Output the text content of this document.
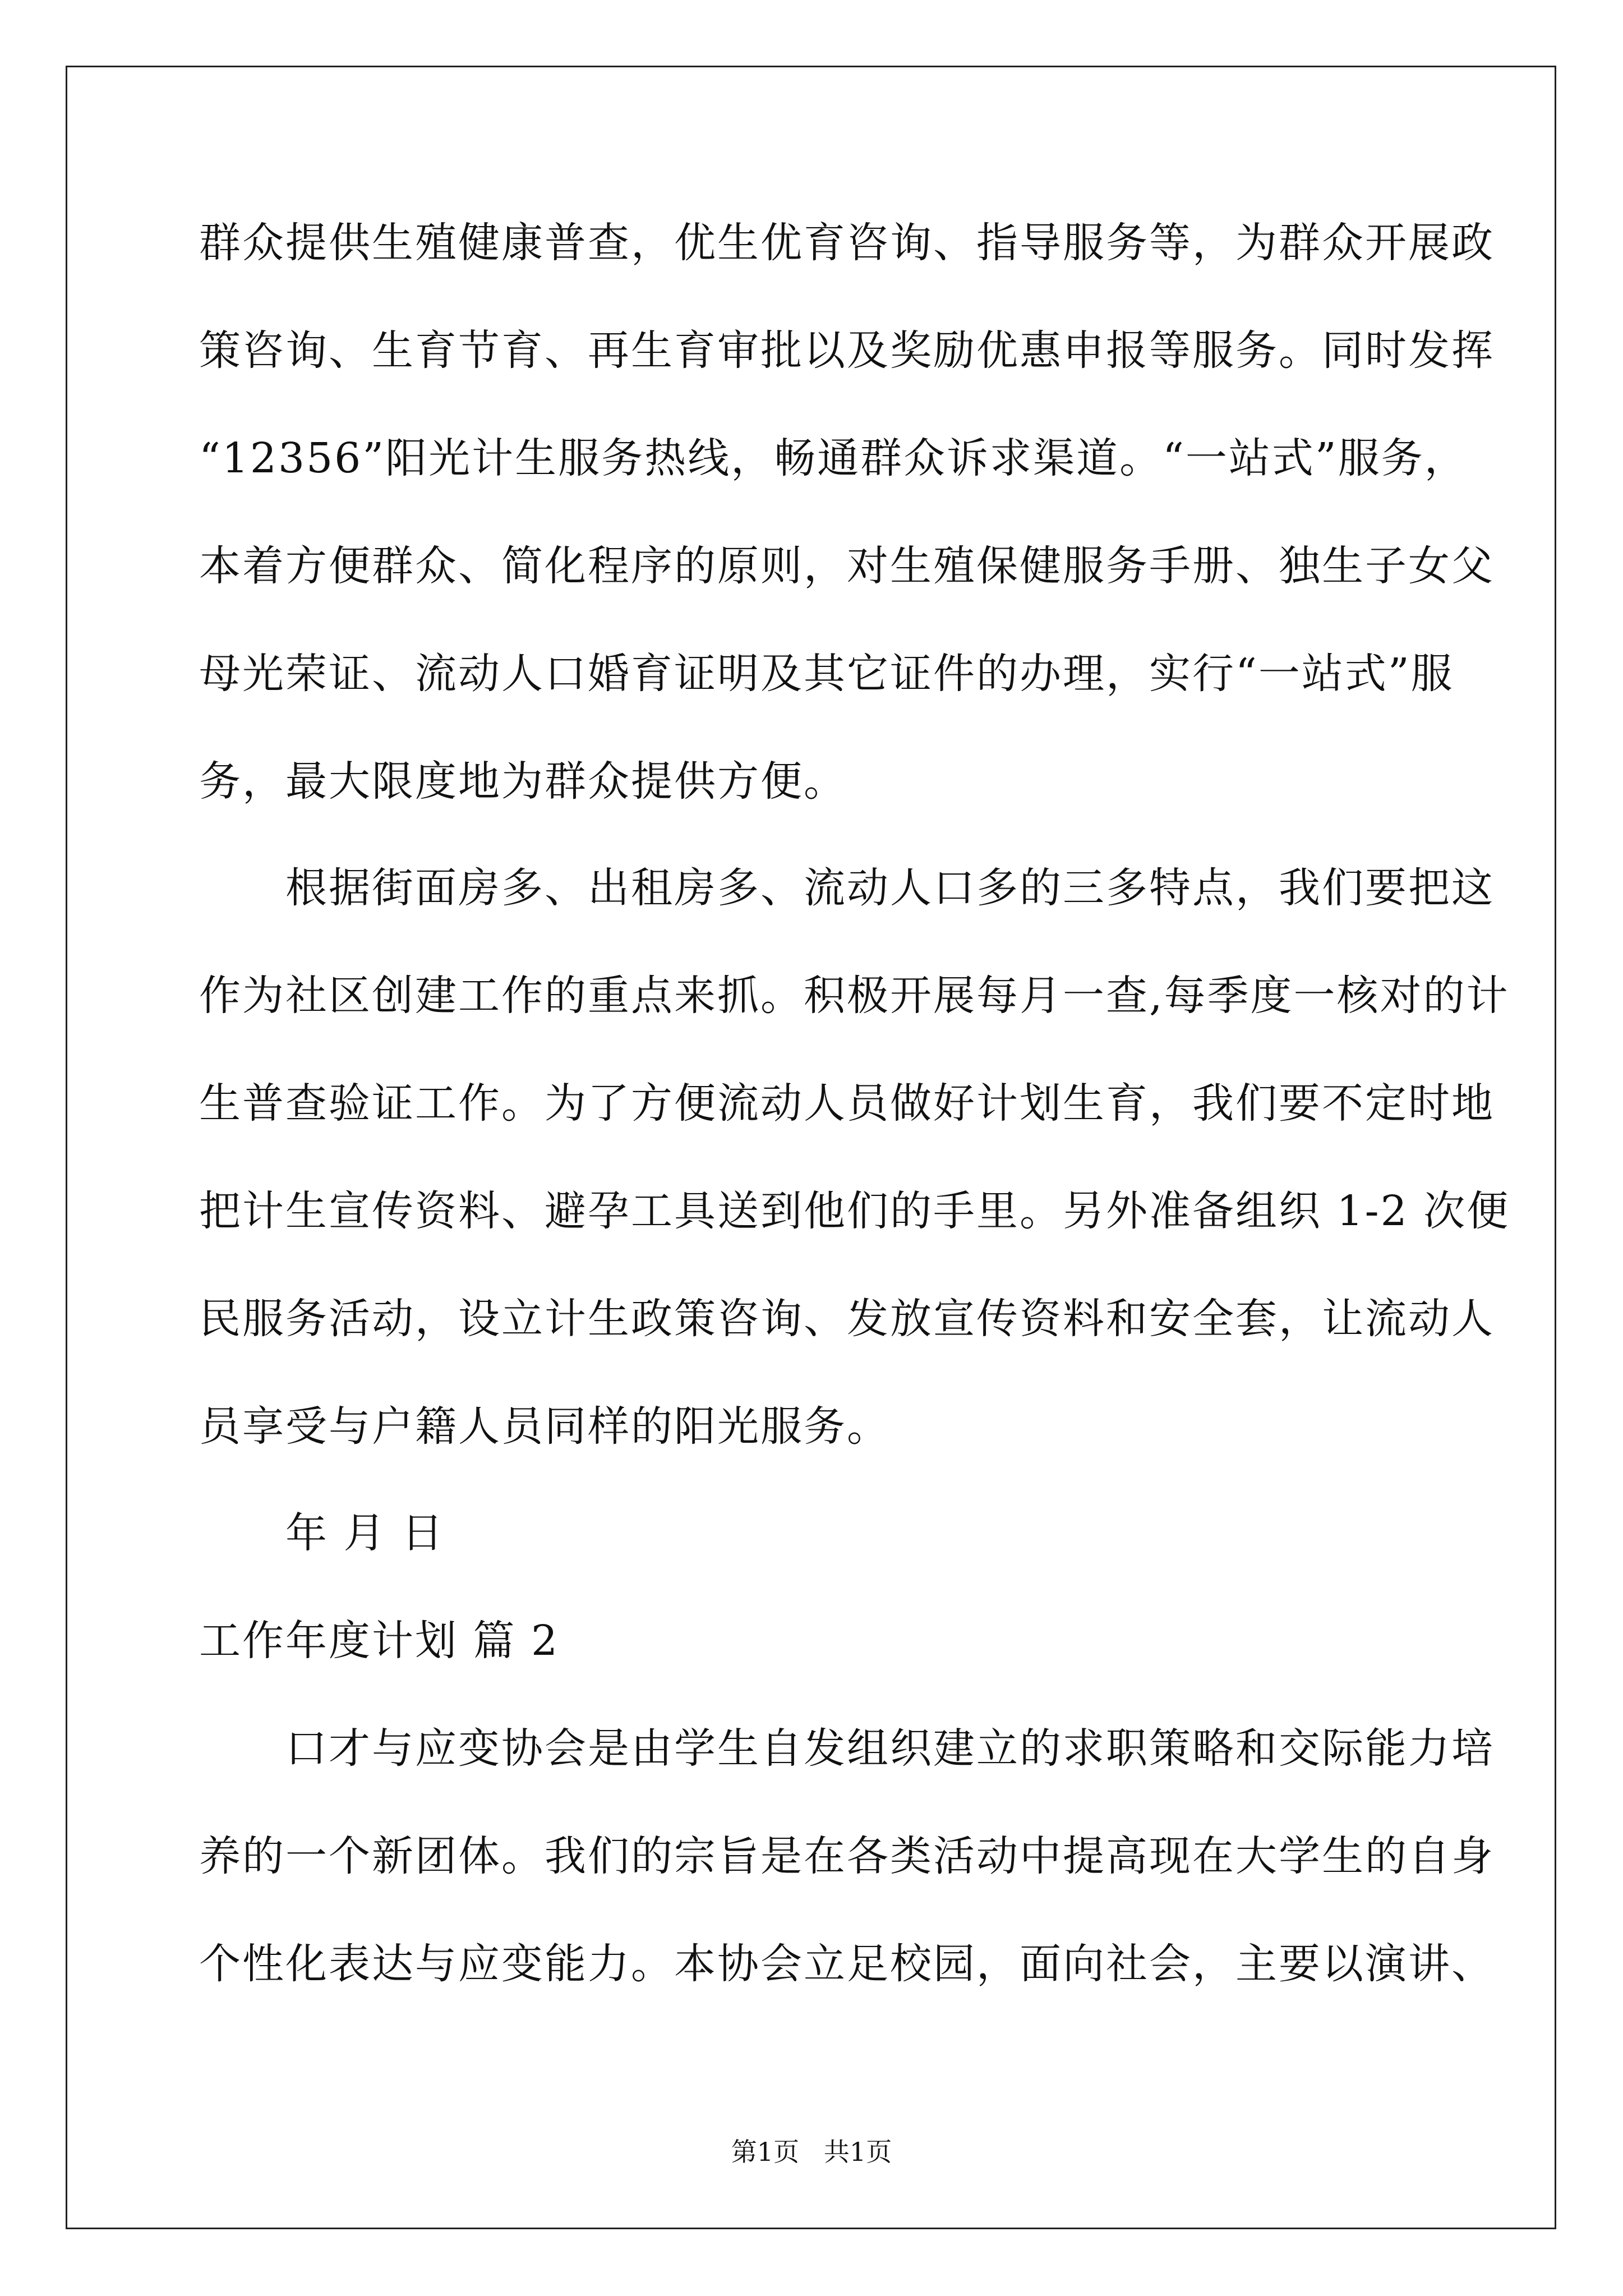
群众提供生殖健康普查，优生优育咨询、指导服务等，为群众开展政
策咨询、生育节育、再生育审批以及奖励优惠申报等服务。同时发挥
“12356”阳光计生服务热线，畅通群众诉求渠道。“一站式”服务，
本着方便群众、简化程序的原则，对生殖保健服务手册、独生子女父
母光荣证、流动人口婚育证明及其它证件的办理，实行“一站式”服
务，最大限度地为群众提供方便。
　　根据街面房多、出租房多、流动人口多的三多特点，我们要把这
作为社区创建工作的重点来抓。积极开展每月一查,每季度一核对的计
生普查验证工作。为了方便流动人员做好计划生育，我们要不定时地
把计生宣传资料、避孕工具送到他们的手里。另外准备组织 1-2 次便
民服务活动，设立计生政策咨询、发放宣传资料和安全套，让流动人
员享受与户籍人员同样的阳光服务。
　　年 月 日
工作年度计划 篇 2
　　口才与应变协会是由学生自发组织建立的求职策略和交际能力培
养的一个新团体。我们的宗旨是在各类活动中提高现在大学生的自身
个性化表达与应变能力。本协会立足校园，面向社会，主要以演讲、
第1页   共1页
